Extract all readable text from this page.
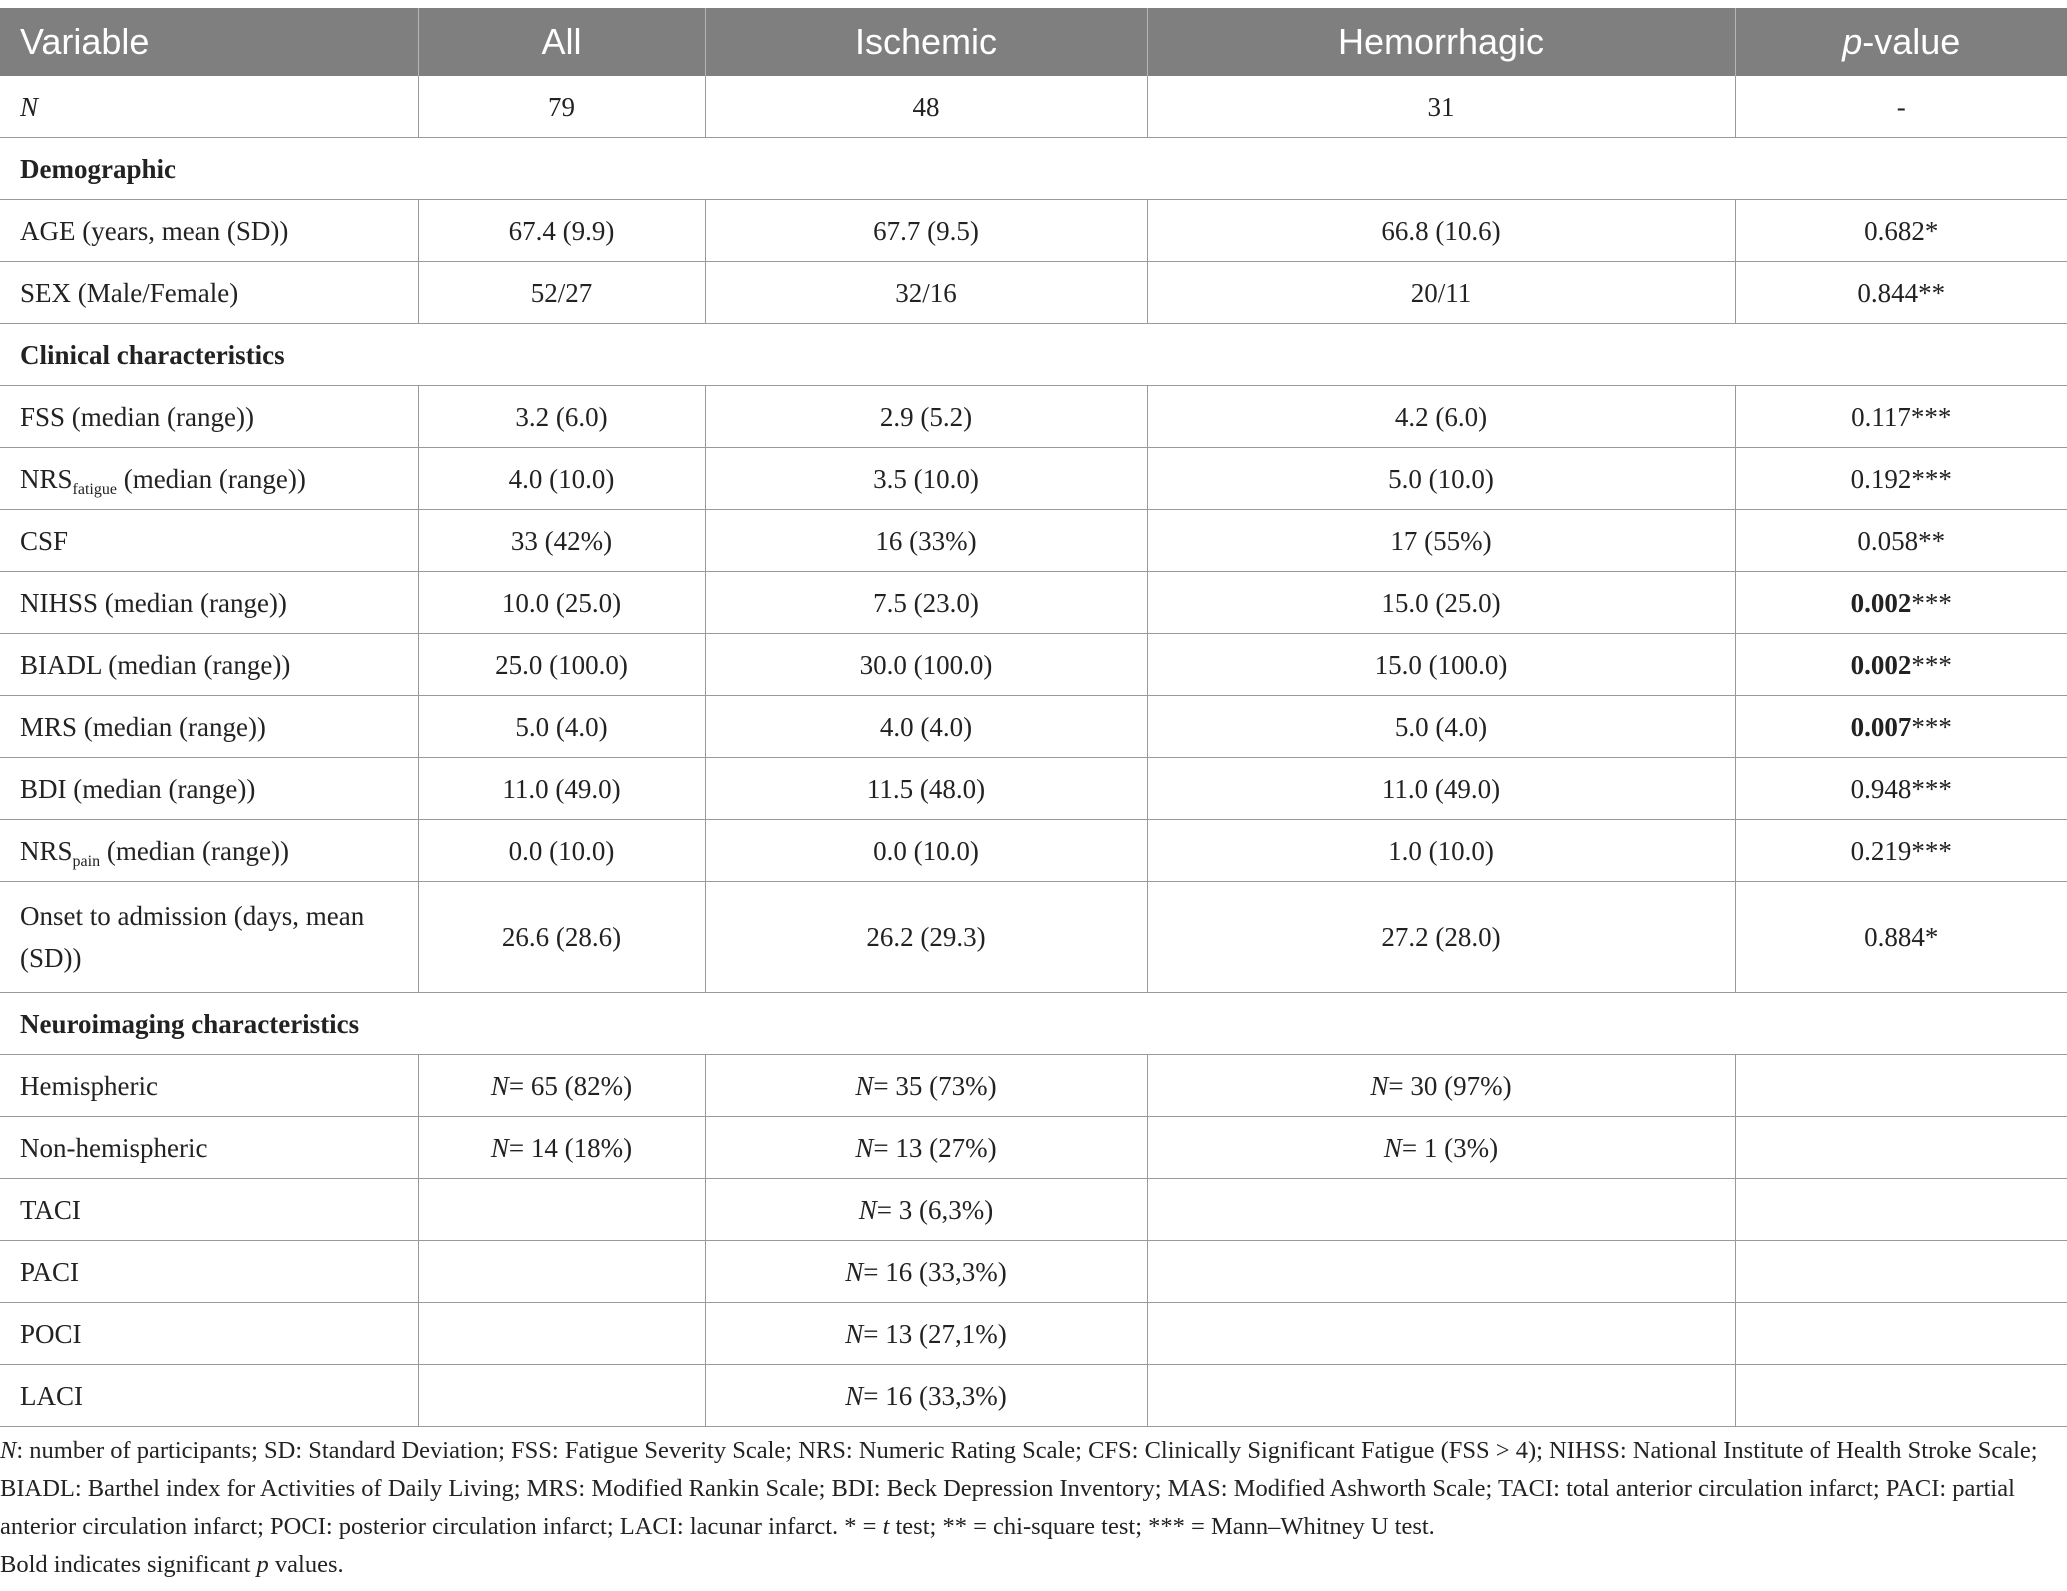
Variable	All	Ischemic	Hemorrhagic	p-value
N	79	48	31	-
Demographic				
AGE (years, mean (SD))	67.4 (9.9)	67.7 (9.5)	66.8 (10.6)	0.682*
SEX (Male/Female)	52/27	32/16	20/11	0.844**
Clinical characteristics				
FSS (median (range))	3.2 (6.0)	2.9 (5.2)	4.2 (6.0)	0.117***
$NRS_{fatigue}$ (median (range))	4.0 (10.0)	3.5 (10.0)	5.0 (10.0)	0.192***
CSF	33 (42%)	16 (33%)	17 (55%)	0.058**
NIHSS (median (range))	10.0 (25.0)	7.5 (23.0)	15.0 (25.0)	0.002***
BIADL (median (range))	25.0 (100.0)	30.0 (100.0)	15.0 (100.0)	0.002***
MRS (median (range))	5.0 (4.0)	4.0 (4.0)	5.0 (4.0)	0.007***
BDI (median (range))	11.0 (49.0)	11.5 (48.0)	11.0 (49.0)	0.948***
$NRS_{pain}$ (median (range))	0.0 (10.0)	0.0 (10.0)	1.0 (10.0)	0.219***
Onset to admission (days, mean
(SD))	26.6 (28.6)	26.2 (29.3)	27.2 (28.0)	0.884*
Neuroimaging characteristics				
Hemispheric	N= 65 (82%)	N= 35 (73%)	N= 30 (97%)	
Non-hemispheric	N= 14 (18%)	N= 13 (27%)	N= 1 (3%)	
TACI		N= 3 (6,3%)		
PACI		N= 16 (33,3%)		
POCI		N= 13 (27,1%)		
LACI		N= 16 (33,3%)		
N: number of participants; SD: Standard Deviation; FSS: Fatigue Severity Scale; NRS: Numeric Rating Scale; CFS: Clinically Significant Fatigue (FSS > 4); NIHSS: National Institute of Health Stroke Scale; BIADL: Barthel index for Activities of Daily Living; MRS: Modified Rankin Scale; BDI: Beck Depression Inventory; MAS: Modified Ashworth Scale; TACI: total anterior circulation infarct; PACI: partial anterior circulation infarct; POCI: posterior circulation infarct; LACI: lacunar infarct. * = t test; ** = chi-square test; *** = Mann–Whitney U test.
Bold indicates significant p values.
